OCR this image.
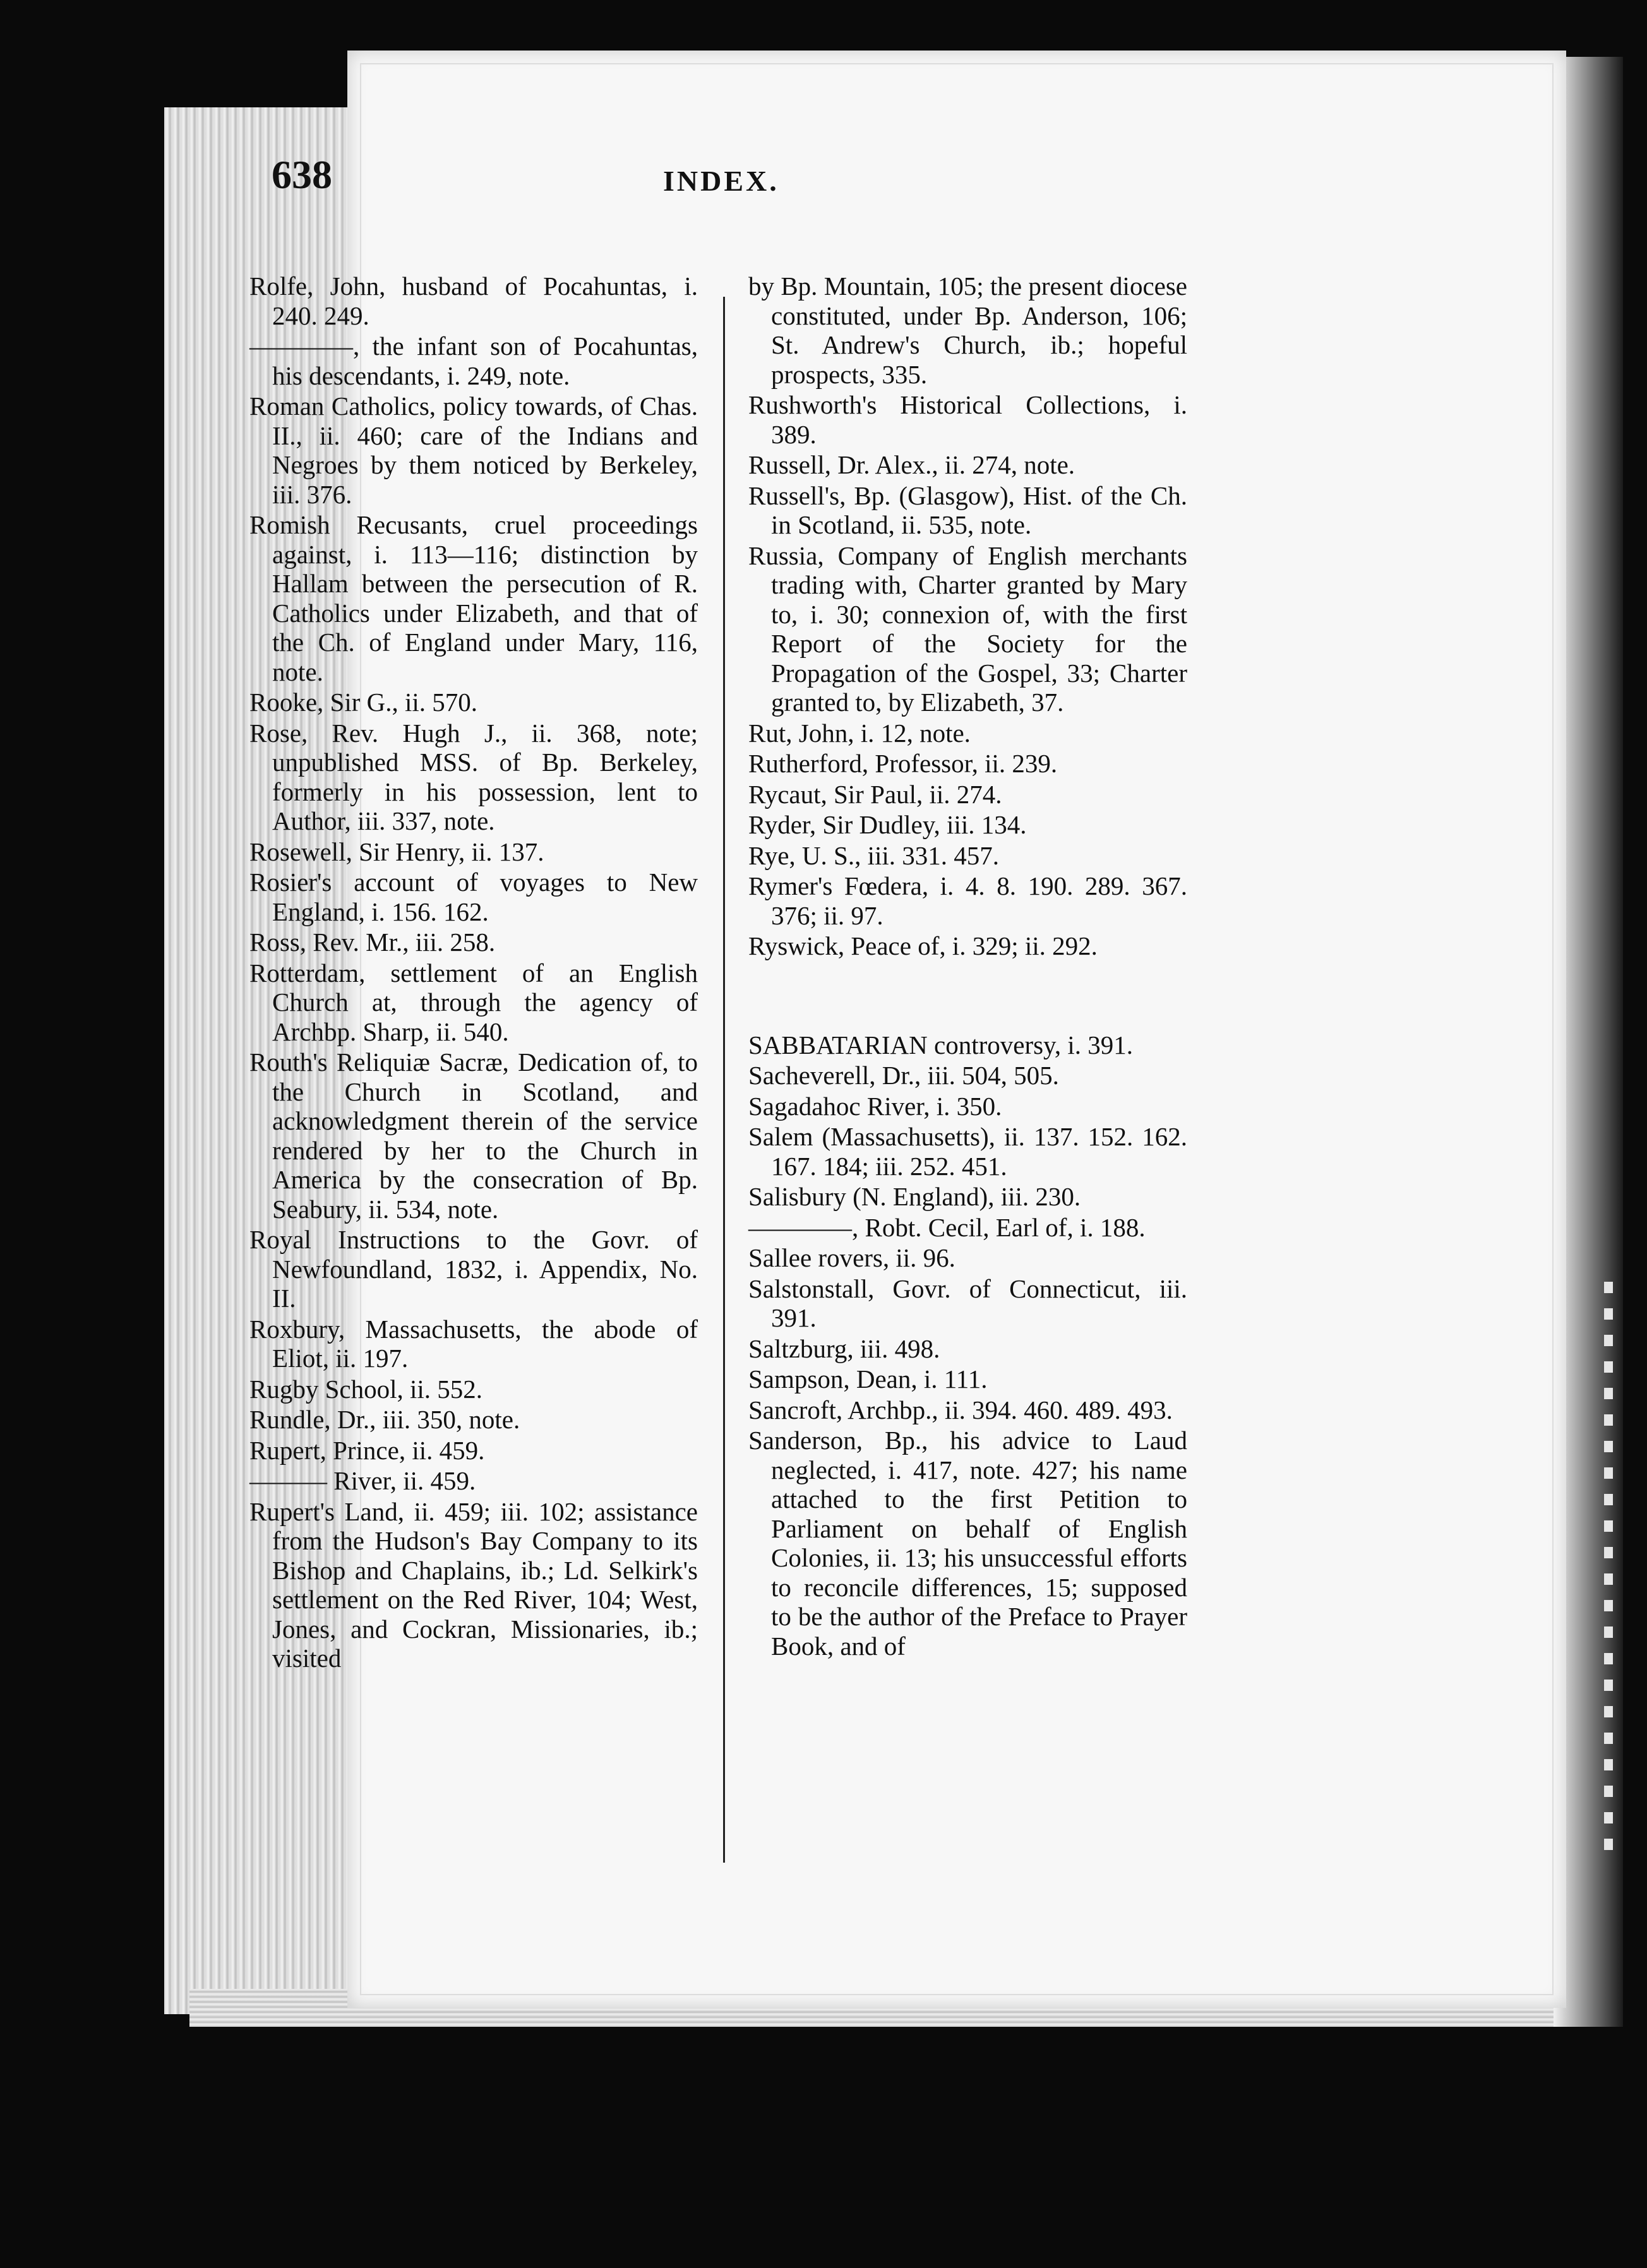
638	INDEX.
Rolfe, John, husband of Pocahuntas, i. 240. 249.
————, the infant son of Pocahuntas, his descendants, i. 249, note.
Roman Catholics, policy towards, of Chas. II., ii. 460; care of the Indians and Negroes by them noticed by Berkeley, iii. 376.
Romish Recusants, cruel proceedings against, i. 113—116; distinction by Hallam between the persecution of R. Catholics under Elizabeth, and that of the Ch. of England under Mary, 116, note.
Rooke, Sir G., ii. 570.
Rose, Rev. Hugh J., ii. 368, note; unpublished MSS. of Bp. Berkeley, formerly in his possession, lent to Author, iii. 337, note.
Rosewell, Sir Henry, ii. 137.
Rosier's account of voyages to New England, i. 156. 162.
Ross, Rev. Mr., iii. 258.
Rotterdam, settlement of an English Church at, through the agency of Archbp. Sharp, ii. 540.
Routh's Reliquiæ Sacræ, Dedication of, to the Church in Scotland, and acknowledgment therein of the service rendered by her to the Church in America by the consecration of Bp. Seabury, ii. 534, note.
Royal Instructions to the Govr. of Newfoundland, 1832, i. Appendix, No. II.
Roxbury, Massachusetts, the abode of Eliot, ii. 197.
Rugby School, ii. 552.
Rundle, Dr., iii. 350, note.
Rupert, Prince, ii. 459.
——— River, ii. 459.
Rupert's Land, ii. 459; iii. 102; assistance from the Hudson's Bay Company to its Bishop and Chaplains, ib.; Ld. Selkirk's settlement on the Red River, 104; West, Jones, and Cockran, Missionaries, ib.; visited
by Bp. Mountain, 105; the present diocese constituted, under Bp. Anderson, 106; St. Andrew's Church, ib.; hopeful prospects, 335.
Rushworth's Historical Collections, i. 389.
Russell, Dr. Alex., ii. 274, note.
Russell's, Bp. (Glasgow), Hist. of the Ch. in Scotland, ii. 535, note.
Russia, Company of English merchants trading with, Charter granted by Mary to, i. 30; connexion of, with the first Report of the Society for the Propagation of the Gospel, 33; Charter granted to, by Elizabeth, 37.
Rut, John, i. 12, note.
Rutherford, Professor, ii. 239.
Rycaut, Sir Paul, ii. 274.
Ryder, Sir Dudley, iii. 134.
Rye, U. S., iii. 331. 457.
Rymer's Fœdera, i. 4. 8. 190. 289. 367. 376; ii. 97.
Ryswick, Peace of, i. 329; ii. 292.
SABBATARIAN controversy, i. 391.
Sacheverell, Dr., iii. 504, 505.
Sagadahoc River, i. 350.
Salem (Massachusetts), ii. 137. 152. 162. 167. 184; iii. 252. 451.
Salisbury (N. England), iii. 230.
————, Robt. Cecil, Earl of, i. 188.
Sallee rovers, ii. 96.
Salstonstall, Govr. of Connecticut, iii. 391.
Saltzburg, iii. 498.
Sampson, Dean, i. 111.
Sancroft, Archbp., ii. 394. 460. 489. 493.
Sanderson, Bp., his advice to Laud neglected, i. 417, note. 427; his name attached to the first Petition to Parliament on behalf of English Colonies, ii. 13; his unsuccessful efforts to reconcile differences, 15; supposed to be the author of the Preface to Prayer Book, and of
